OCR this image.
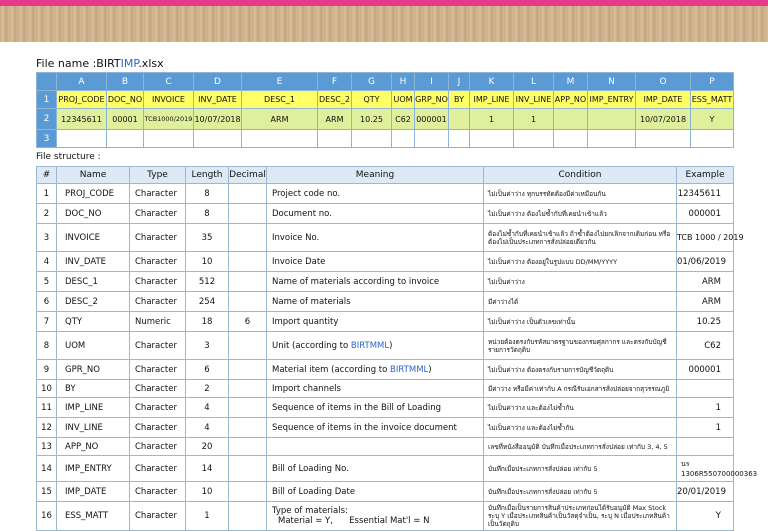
File name :BIRTIMP.xlsx
	A	B	C	D	E	F	G	H	I	J	K	L	M	N	O	P
1	PROJ_CODE	DOC_NO	INVOICE	INV_DATE	DESC_1	DESC_2	QTY	UOM	GRP_NO	BY	IMP_LINE	INV_LINE	APP_NO	IMP_ENTRY	IMP_DATE	ESS_MATT
2	12345611	00001	TCB1000/2019	10/07/2018	ARM	ARM	10.25	C62	000001		1	1			10/07/2018	Y
3																
File structure :
#	Name	Type	Length	Decimal	Meaning	Condition	Example
1	PROJ_CODE	Character	8		Project code no.	ไม่เป็นค่าว่าง ทุกบรรทัดต้องมีค่าเหมือนกัน	12345611
2	DOC_NO	Character	8		Document no.	ไม่เป็นค่าว่าง ต้องไม่ซ้ำกับที่เคยนำเข้าแล้ว	000001
3	INVOICE	Character	35		Invoice No.	ต้องไม่ซ้ำกับที่เคยนำเข้าแล้ว ถ้าซ้ำต้องไปยกเลิกจากเดิมก่อน หรือต้องไม่เป็นประเภทการสั่งปล่อยเดียวกัน	TCB 1000 / 2019
4	INV_DATE	Character	10		Invoice Date	ไม่เป็นค่าว่าง ต้องอยู่ในรูปแบบ DD/MM/YYYY	01/06/2019
5	DESC_1	Character	512		Name of materials according to invoice	ไม่เป็นค่าว่าง	ARM
6	DESC_2	Character	254		Name of materials	มีค่าว่างได้	ARM
7	QTY	Numeric	18	6	Import quantity	ไม่เป็นค่าว่าง เป็นตัวเลขเท่านั้น	10.25
8	UOM	Character	3		Unit (according to BIRTMML)	หน่วยต้องตรงกับรหัสมาตรฐานของกรมศุลกากร และตรงกับบัญชีรายการวัตถุดิบ	C62
9	GPR_NO	Character	6		Material item (according to BIRTMML)	ไม่เป็นค่าว่าง ต้องตรงกับรายการบัญชีวัตถุดิบ	000001
10	BY	Character	2		Import channels	มีค่าว่าง หรือมีค่าเท่ากับ A กรณีรับเอกสารสั่งปล่อยจากสุวรรณภูมิ	
11	IMP_LINE	Character	4		Sequence of items in the Bill of Loading	ไม่เป็นค่าว่าง และต้องไม่ซ้ำกัน	1
12	INV_LINE	Character	4		Sequence of items in the invoice document	ไม่เป็นค่าว่าง และต้องไม่ซ้ำกัน	1
13	APP_NO	Character	20			เลขที่หนังสืออนุมัติ บันทึกเมื่อประเภทการสั่งปล่อย เท่ากับ 3, 4, 5	
14	IMP_ENTRY	Character	14		Bill of Loading No.	บันทึกเมื่อประเภทการสั่งปล่อย เท่ากับ 5	นร 1306R550700000363
15	IMP_DATE	Character	10		Bill of Loading Date	บันทึกเมื่อประเภทการสั่งปล่อย เท่ากับ 5	20/01/2019
16	ESS_MATT	Character	1		Type of materials:
Material = Y,      Essential Mat'l = N	บันทึกเมื่อเป็นรายการสินค้าประเภทก่อนได้รับอนุมัติ Max Stock ระบุ Y เมื่อประเภทสินค้าเป็นวัสดุจำเป็น, ระบุ N เมื่อประเภทสินค้าเป็นวัตถุดิบ	Y
